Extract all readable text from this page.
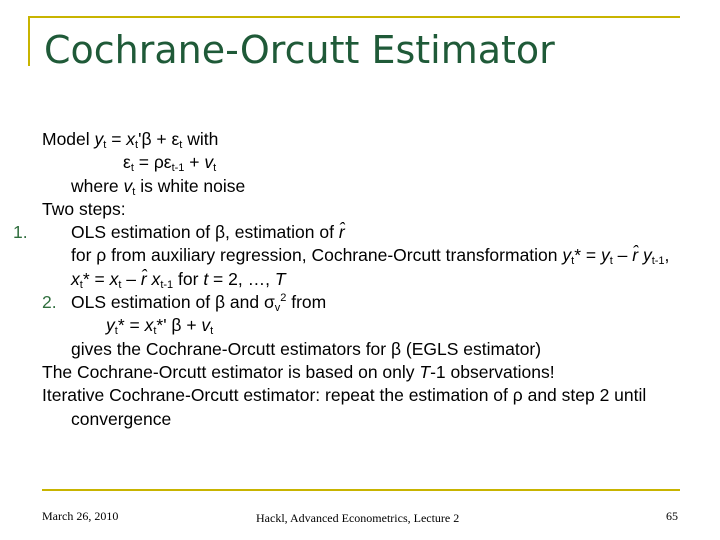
Cochrane-Orcutt Estimator
Model $y_t = x_t'\beta + \varepsilon_t$ with
$\varepsilon_t = \rho\varepsilon_{t-1} + v_t$
where $v_t$ is white noise
Two steps:
1. OLS estimation of β, estimation of r̂ for ρ from auxiliary regression, Cochrane-Orcutt transformation $y_t* = y_t$ – r̂ $y_{t-1}$, $x_t* = x_t$ – r̂ $x_{t-1}$ for t = 2, …, T
2. OLS estimation of β and $\sigma_v^2$ from
$y_t* = x_t*'$ $\beta + v_t$
gives the Cochrane-Orcutt estimators for β (EGLS estimator)
The Cochrane-Orcutt estimator is based on only T-1 observations!
Iterative Cochrane-Orcutt estimator: repeat the estimation of ρ and step 2 until convergence
March 26, 2010	Hackl, Advanced Econometrics, Lecture 2	65
